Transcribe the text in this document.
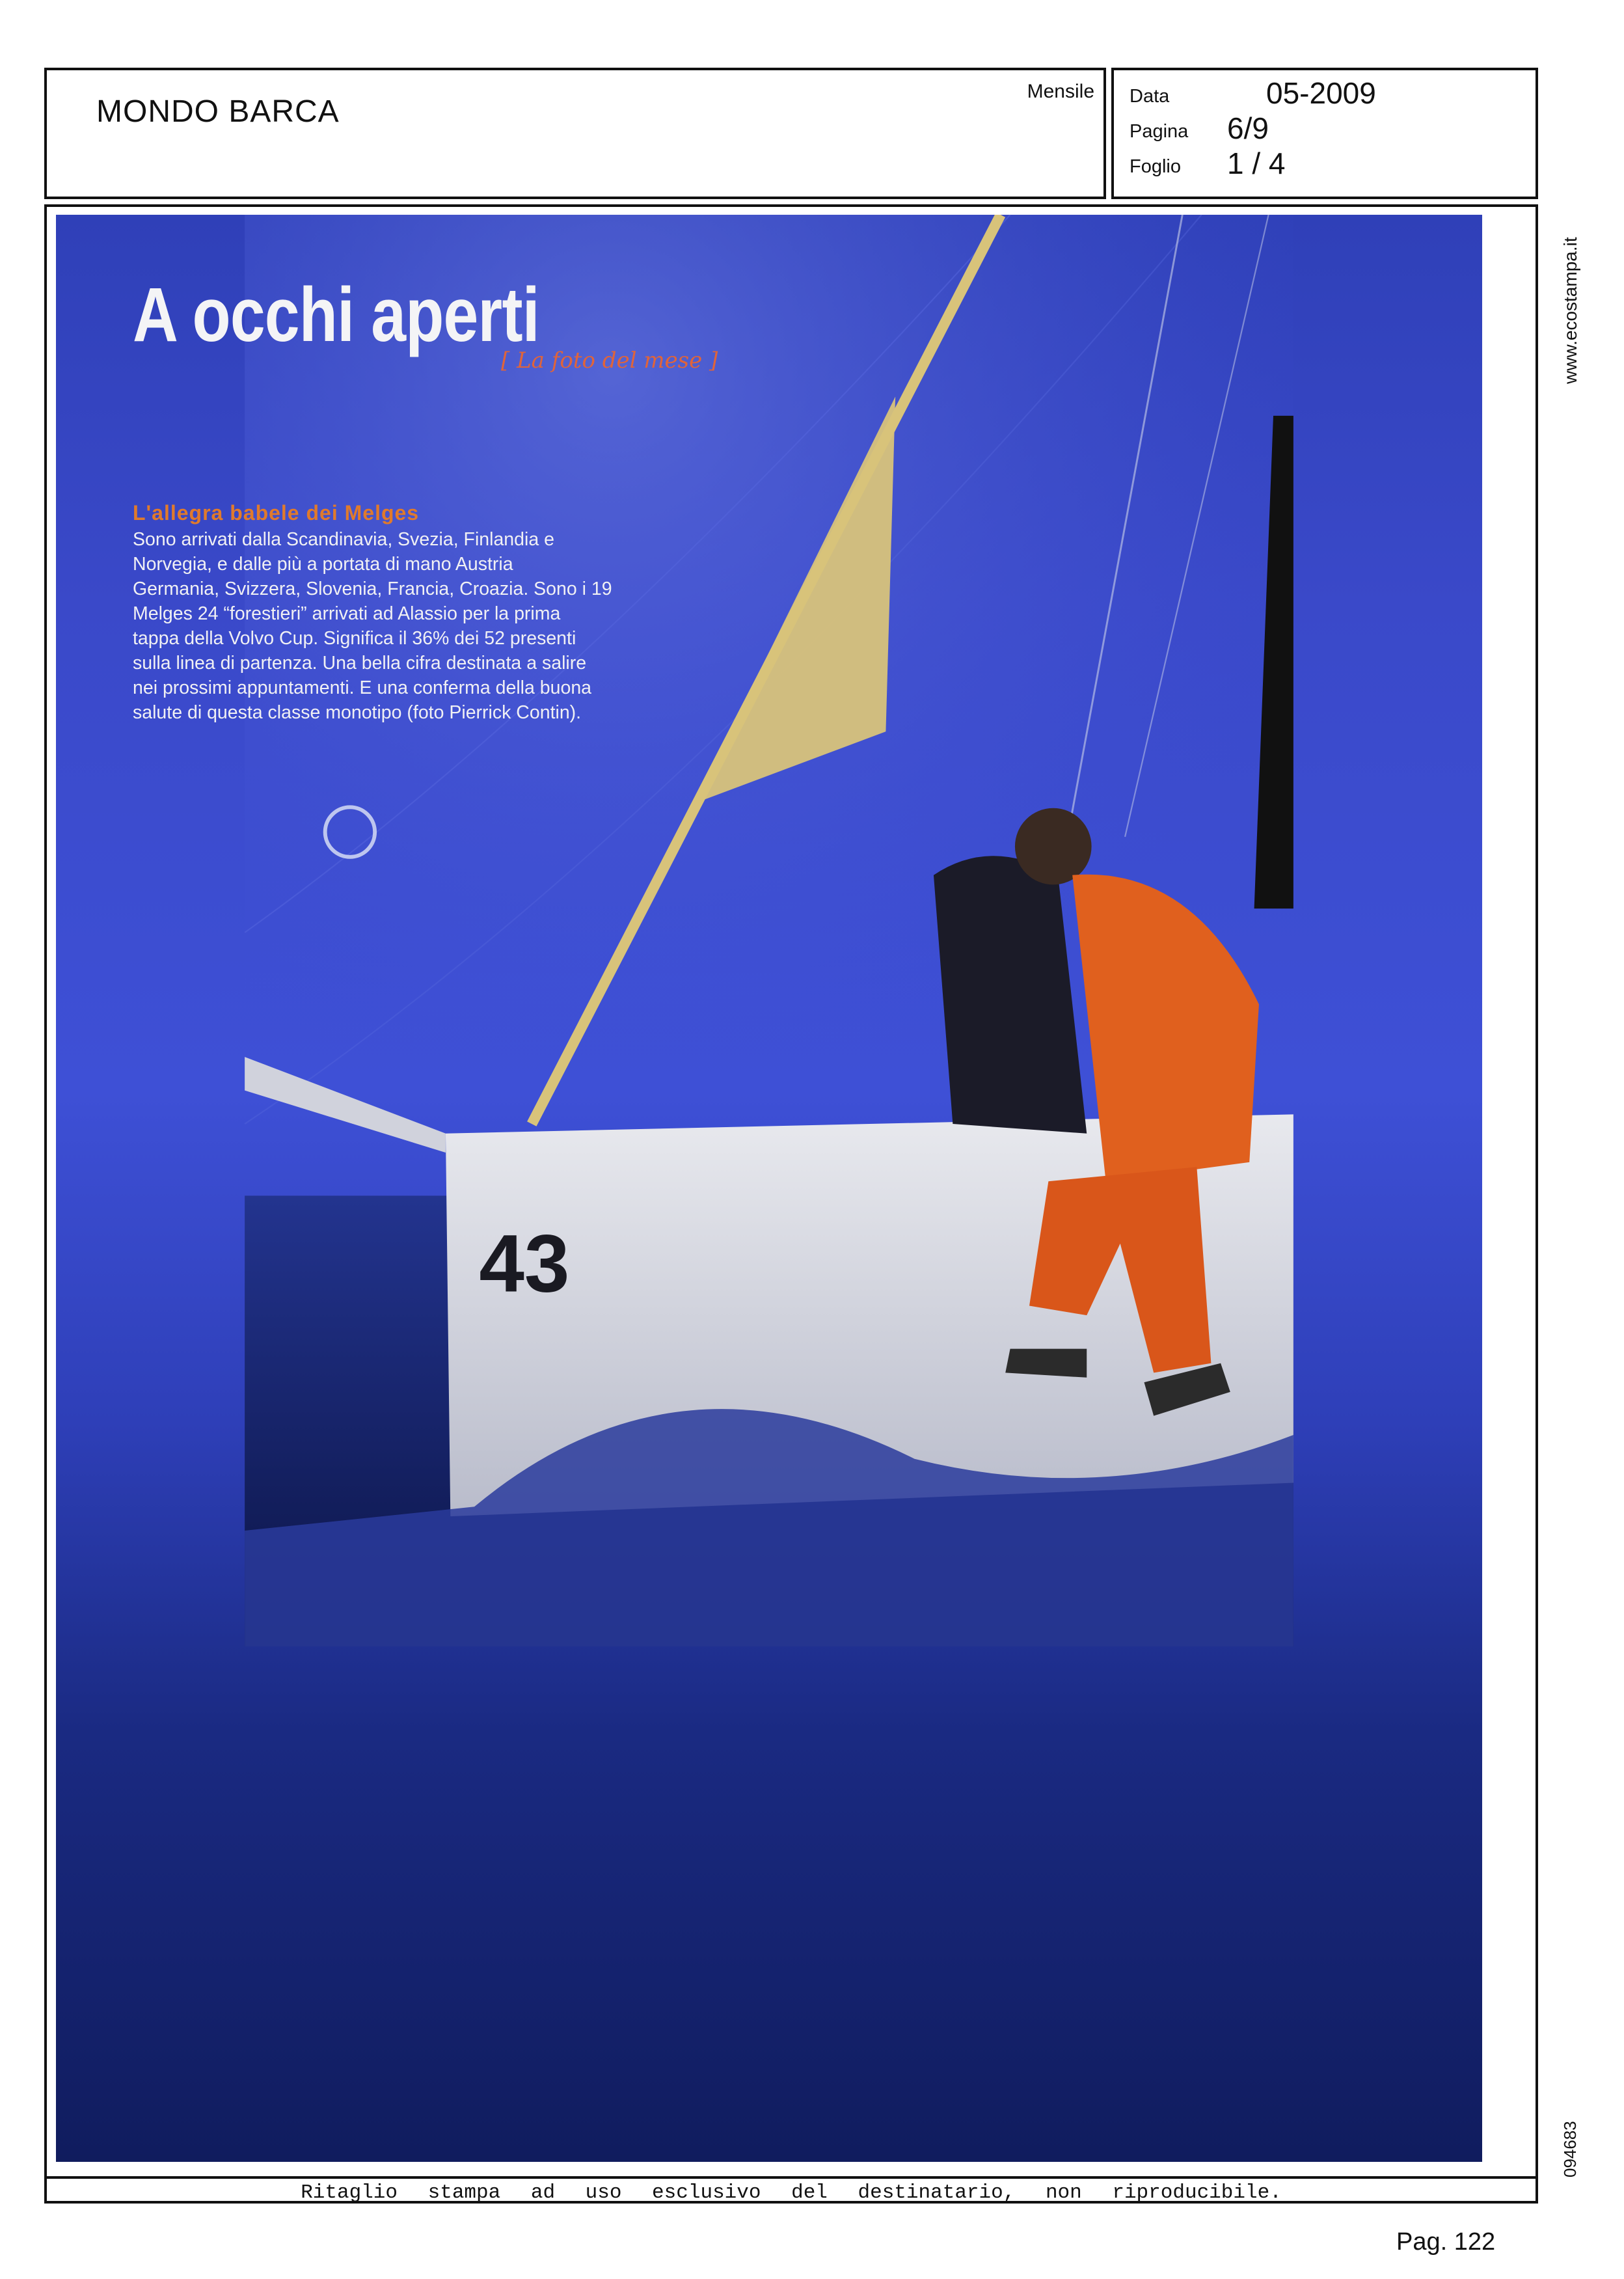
MONDO BARCA
Mensile Data	05-2009
Pagina 6/9
Foglio 1 / 4
43
A occhi aperti
[ La foto del mese ]
L'allegra babele dei Melges
Sono arrivati dalla Scandinavia, Svezia, Finlandia e
Norvegia, e dalle più a portata di mano Austria
Germania, Svizzera, Slovenia, Francia, Croazia. Sono i 19
Melges 24 “forestieri” arrivati ad Alassio per la prima
tappa della Volvo Cup. Significa il 36% dei 52 presenti
sulla linea di partenza. Una bella cifra destinata a salire
nei prossimi appuntamenti. E una conferma della buona
salute di questa classe monotipo (foto Pierrick Contin).
www.ecostampa.it
094683
Ritaglio stampa ad uso esclusivo del destinatario, non riproducibile.
Pag. 122
